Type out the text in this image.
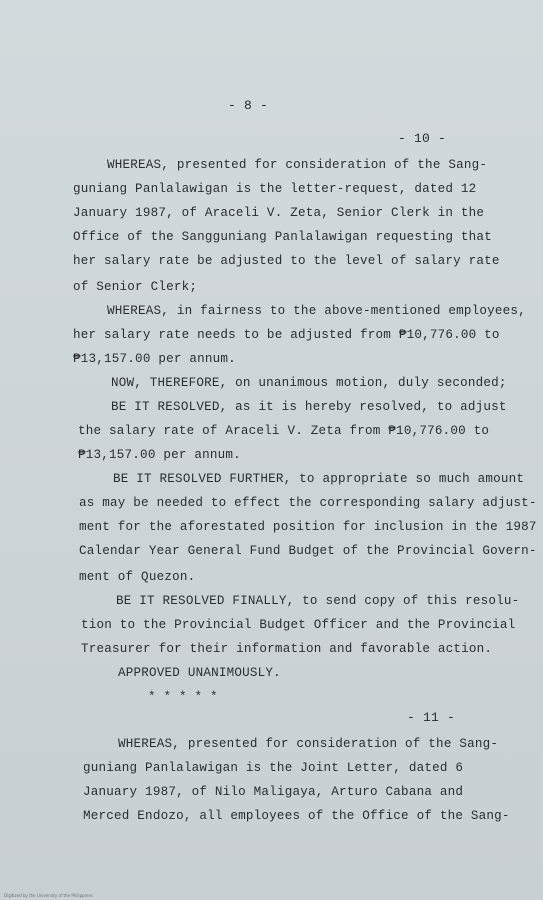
- 8 -
- 10 -
WHEREAS, presented for consideration of the Sang-
guniang Panlalawigan is the letter-request, dated 12
January 1987, of Araceli V. Zeta, Senior Clerk in the
Office of the Sangguniang Panlalawigan requesting that
her salary rate be adjusted to the level of salary rate
of Senior Clerk;
WHEREAS, in fairness to the above-mentioned employees,
her salary rate needs to be adjusted from ₱10,776.00 to
₱13,157.00 per annum.
NOW, THEREFORE, on unanimous motion, duly seconded;
BE IT RESOLVED, as it is hereby resolved, to adjust
the salary rate of Araceli V. Zeta from ₱10,776.00 to
₱13,157.00 per annum.
BE IT RESOLVED FURTHER, to appropriate so much amount
as may be needed to effect the corresponding salary adjust-
ment for the aforestated position for inclusion in the 1987
Calendar Year General Fund Budget of the Provincial Govern-
ment of Quezon.
BE IT RESOLVED FINALLY, to send copy of this resolu-
tion to the Provincial Budget Officer and the Provincial
Treasurer for their information and favorable action.
APPROVED UNANIMOUSLY.
* * * * *
- 11 -
WHEREAS, presented for consideration of the Sang-
guniang Panlalawigan is the Joint Letter, dated 6
January 1987, of Nilo Maligaya, Arturo Cabana and
Merced Endozo, all employees of the Office of the Sang-
Digitized by the University of the Philippines
